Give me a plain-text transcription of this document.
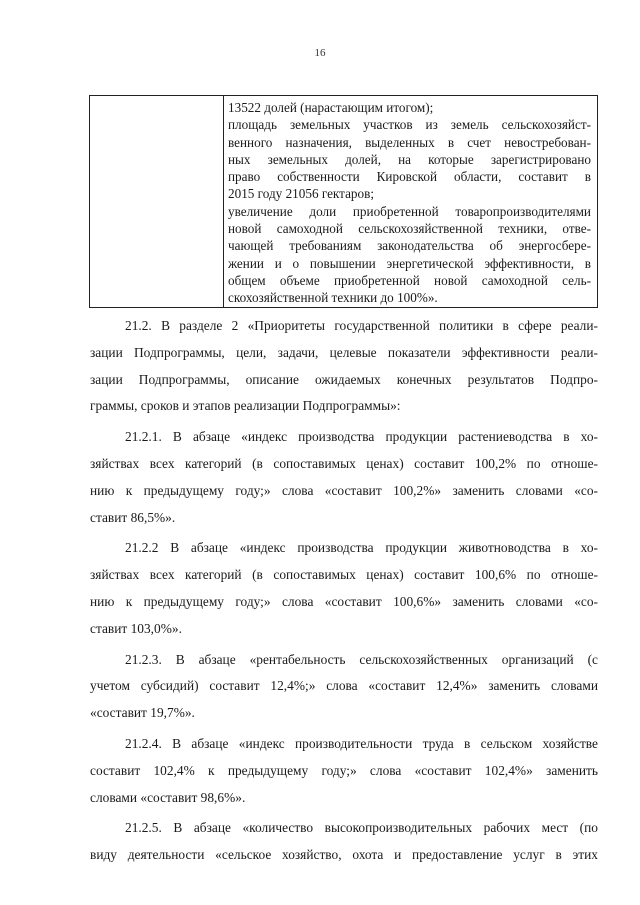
16
13522 долей (нарастающим итогом);
площадь земельных участков из земель сельскохозяйст-
венного назначения, выделенных в счет невостребован-
ных земельных долей, на которые зарегистрировано
право собственности Кировской области, составит в
2015 году 21056 гектаров;
увеличение доли приобретенной товаропроизводителями
новой самоходной сельскохозяйственной техники, отве-
чающей требованиям законодательства об энергосбере-
жении и о повышении энергетической эффективности, в
общем объеме приобретенной новой самоходной сель-
скохозяйственной техники до 100%».
21.2. В разделе 2 «Приоритеты государственной политики в сфере реали-
зации Подпрограммы, цели, задачи, целевые показатели эффективности реали-
зации Подпрограммы, описание ожидаемых конечных результатов Подпро-
граммы, сроков и этапов реализации Подпрограммы»:
21.2.1. В абзаце «индекс производства продукции растениеводства в хо-
зяйствах всех категорий (в сопоставимых ценах) составит 100,2% по отноше-
нию к предыдущему году;» слова «составит 100,2%» заменить словами «со-
ставит 86,5%».
21.2.2 В абзаце «индекс производства продукции животноводства в хо-
зяйствах всех категорий (в сопоставимых ценах) составит 100,6% по отноше-
нию к предыдущему году;» слова «составит 100,6%» заменить словами «со-
ставит 103,0%».
21.2.3. В абзаце «рентабельность сельскохозяйственных организаций (с
учетом субсидий) составит 12,4%;» слова «составит 12,4%» заменить словами
«составит 19,7%».
21.2.4. В абзаце «индекс производительности труда в сельском хозяйстве
составит 102,4% к предыдущему году;» слова «составит 102,4%» заменить
словами «составит 98,6%».
21.2.5. В абзаце «количество высокопроизводительных рабочих мест (по
виду деятельности «сельское хозяйство, охота и предоставление услуг в этих
